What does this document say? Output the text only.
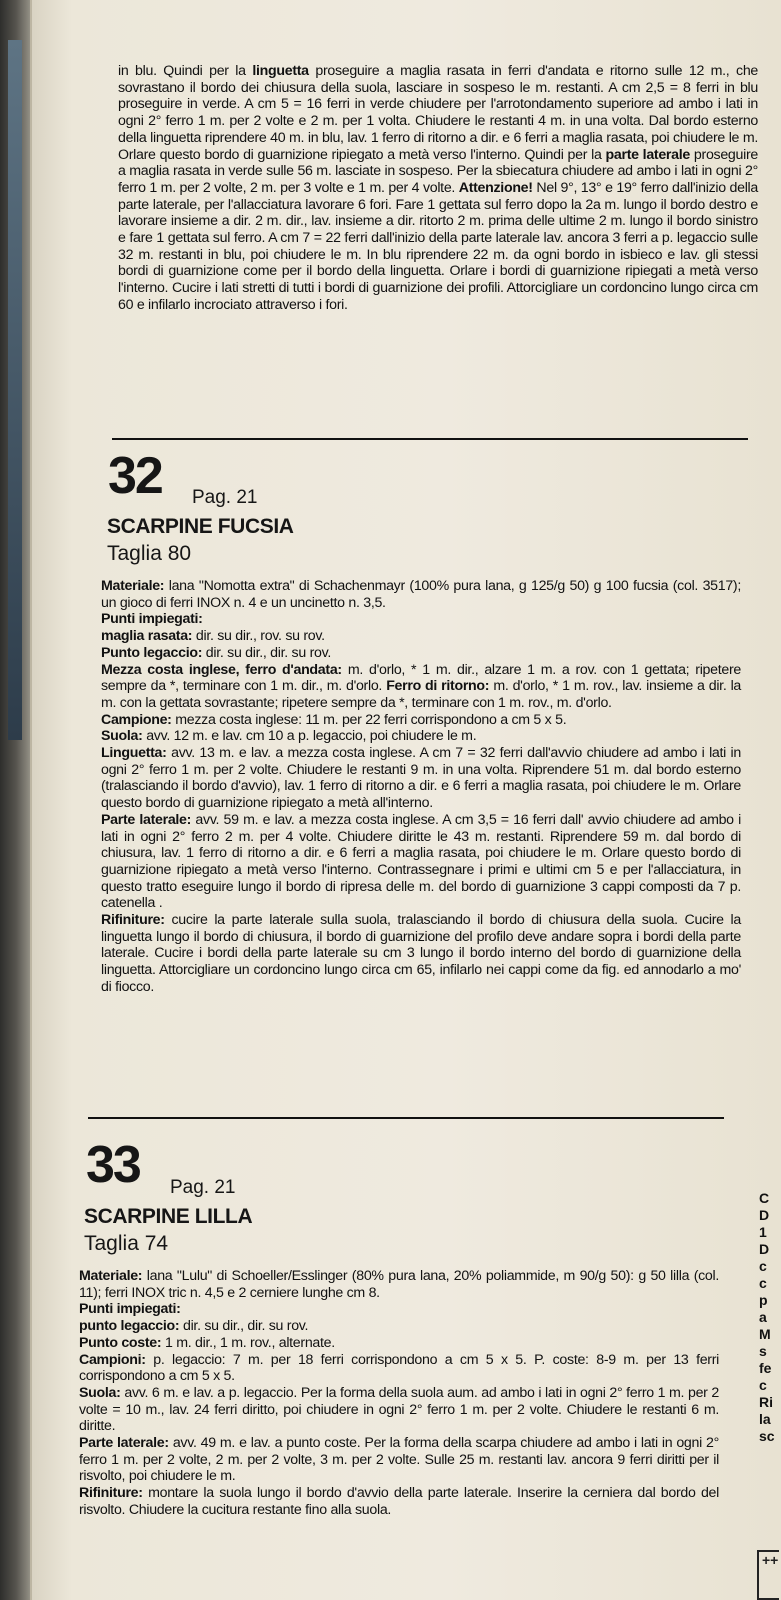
in blu. Quindi per la linguetta proseguire a maglia rasata in ferri d'andata e ritorno sulle 12 m., che sovrastano il bordo dei chiusura della suola, lasciare in sospeso le m. restanti. A cm 2,5 = 8 ferri in blu proseguire in verde. A cm 5 = 16 ferri in verde chiudere per l'arrotondamento superiore ad ambo i lati in ogni 2° ferro 1 m. per 2 volte e 2 m. per 1 volta. Chiudere le restanti 4 m. in una volta. Dal bordo esterno della linguetta riprendere 40 m. in blu, lav. 1 ferro di ritorno a dir. e 6 ferri a maglia rasata, poi chiudere le m. Orlare questo bordo di guarnizione ripiegato a metà verso l'interno. Quindi per la parte laterale proseguire a maglia rasata in verde sulle 56 m. lasciate in sospeso. Per la sbiecatura chiudere ad ambo i lati in ogni 2° ferro 1 m. per 2 volte, 2 m. per 3 volte e 1 m. per 4 volte. Attenzione! Nel 9°, 13° e 19° ferro dall'inizio della parte laterale, per l'allacciatura lavorare 6 fori. Fare 1 gettata sul ferro dopo la 2a m. lungo il bordo destro e lavorare insieme a dir. 2 m. dir., lav. insieme a dir. ritorto 2 m. prima delle ultime 2 m. lungo il bordo sinistro e fare 1 gettata sul ferro. A cm 7 = 22 ferri dall'inizio della parte laterale lav. ancora 3 ferri a p. legaccio sulle 32 m. restanti in blu, poi chiudere le m. In blu riprendere 22 m. da ogni bordo in isbieco e lav. gli stessi bordi di guarnizione come per il bordo della linguetta. Orlare i bordi di guarnizione ripiegati a metà verso l'interno. Cucire i lati stretti di tutti i bordi di guarnizione dei profili. Attorcigliare un cordoncino lungo circa cm 60 e infilarlo incrociato attraverso i fori.

32 Pag. 21
SCARPINE FUCSIA
Taglia 80

Materiale: lana "Nomotta extra" di Schachenmayr (100% pura lana, g 125/g 50) g 100 fucsia (col. 3517); un gioco di ferri INOX n. 4 e un uncinetto n. 3,5.

Punti impiegati:

maglia rasata: dir. su dir., rov. su rov.

Punto legaccio: dir. su dir., dir. su rov.

Mezza costa inglese, ferro d'andata: m. d'orlo, * 1 m. dir., alzare 1 m. a rov. con 1 gettata; ripetere sempre da *, terminare con 1 m. dir., m. d'orlo. Ferro di ritorno: m. d'orlo, * 1 m. rov., lav. insieme a dir. la m. con la gettata sovrastante; ripetere sempre da *, terminare con 1 m. rov., m. d'orlo.

Campione: mezza costa inglese: 11 m. per 22 ferri corrispondono a cm 5 x 5.

Suola: avv. 12 m. e lav. cm 10 a p. legaccio, poi chiudere le m.

Linguetta: avv. 13 m. e lav. a mezza costa inglese. A cm 7 = 32 ferri dall'avvio chiudere ad ambo i lati in ogni 2° ferro 1 m. per 2 volte. Chiudere le restanti 9 m. in una volta. Riprendere 51 m. dal bordo esterno (tralasciando il bordo d'avvio), lav. 1 ferro di ritorno a dir. e 6 ferri a maglia rasata, poi chiudere le m. Orlare questo bordo di guarnizione ripiegato a metà all'interno.

Parte laterale: avv. 59 m. e lav. a mezza costa inglese. A cm 3,5 = 16 ferri dall' avvio chiudere ad ambo i lati in ogni 2° ferro 2 m. per 4 volte. Chiudere diritte le 43 m. restanti. Riprendere 59 m. dal bordo di chiusura, lav. 1 ferro di ritorno a dir. e 6 ferri a maglia rasata, poi chiudere le m. Orlare questo bordo di guarnizione ripiegato a metà verso l'interno. Contrassegnare i primi e ultimi cm 5 e per l'allacciatura, in questo tratto eseguire lungo il bordo di ripresa delle m. del bordo di guarnizione 3 cappi composti da 7 p. catenella .

Rifiniture: cucire la parte laterale sulla suola, tralasciando il bordo di chiusura della suola. Cucire la linguetta lungo il bordo di chiusura, il bordo di guarnizione del profilo deve andare sopra i bordi della parte laterale. Cucire i bordi della parte laterale su cm 3 lungo il bordo interno del bordo di guarnizione della linguetta. Attorcigliare un cordoncino lungo circa cm 65, infilarlo nei cappi come da fig. ed annodarlo a mo' di fiocco.

33 Pag. 21
SCARPINE LILLA
Taglia 74

Materiale: lana "Lulu" di Schoeller/Esslinger (80% pura lana, 20% poliammide, m 90/g 50): g 50 lilla (col. 11); ferri INOX tric n. 4,5 e 2 cerniere lunghe cm 8.

Punti impiegati:

punto legaccio: dir. su dir., dir. su rov.

Punto coste: 1 m. dir., 1 m. rov., alternate.

Campioni: p. legaccio: 7 m. per 18 ferri corrispondono a cm 5 x 5. P. coste: 8-9 m. per 13 ferri corrispondono a cm 5 x 5.

Suola: avv. 6 m. e lav. a p. legaccio. Per la forma della suola aum. ad ambo i lati in ogni 2° ferro 1 m. per 2 volte = 10 m., lav. 24 ferri diritto, poi chiudere in ogni 2° ferro 1 m. per 2 volte. Chiudere le restanti 6 m. diritte.

Parte laterale: avv. 49 m. e lav. a punto coste. Per la forma della scarpa chiudere ad ambo i lati in ogni 2° ferro 1 m. per 2 volte, 2 m. per 2 volte, 3 m. per 2 volte. Sulle 25 m. restanti lav. ancora 9 ferri diritti per il risvolto, poi chiudere le m.

Rifiniture: montare la suola lungo il bordo d'avvio della parte laterale. Inserire la cerniera dal bordo del risvolto. Chiudere la cucitura restante fino alla suola.

C
D
1
D
c
c
p
a
M
s
fe
c
Ri
la
sc
++
